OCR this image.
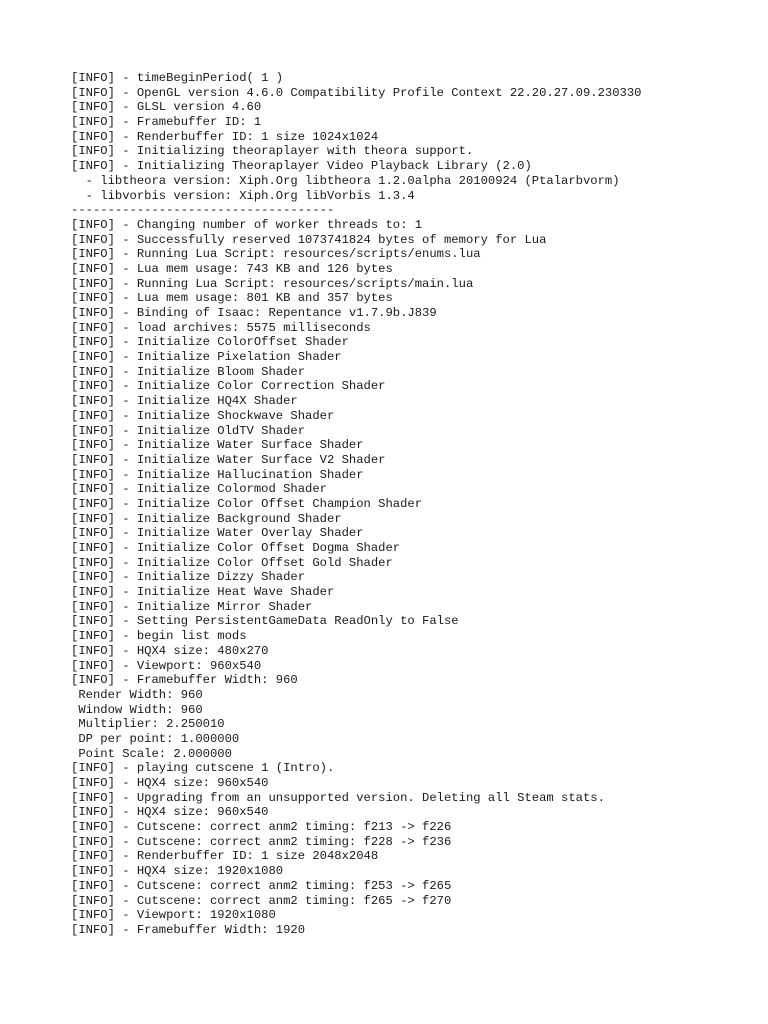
[INFO] - timeBeginPeriod( 1 )
[INFO] - OpenGL version 4.6.0 Compatibility Profile Context 22.20.27.09.230330
[INFO] - GLSL version 4.60
[INFO] - Framebuffer ID: 1
[INFO] - Renderbuffer ID: 1 size 1024x1024
[INFO] - Initializing theoraplayer with theora support.
[INFO] - Initializing Theoraplayer Video Playback Library (2.0)
- libtheora version: Xiph.Org libtheora 1.2.0alpha 20100924 (Ptalarbvorm)
- libvorbis version: Xiph.Org libVorbis 1.3.4
------------------------------------
[INFO] - Changing number of worker threads to: 1
[INFO] - Successfully reserved 1073741824 bytes of memory for Lua
[INFO] - Running Lua Script: resources/scripts/enums.lua
[INFO] - Lua mem usage: 743 KB and 126 bytes
[INFO] - Running Lua Script: resources/scripts/main.lua
[INFO] - Lua mem usage: 801 KB and 357 bytes
[INFO] - Binding of Isaac: Repentance v1.7.9b.J839
[INFO] - load archives: 5575 milliseconds
[INFO] - Initialize ColorOffset Shader
[INFO] - Initialize Pixelation Shader
[INFO] - Initialize Bloom Shader
[INFO] - Initialize Color Correction Shader
[INFO] - Initialize HQ4X Shader
[INFO] - Initialize Shockwave Shader
[INFO] - Initialize OldTV Shader
[INFO] - Initialize Water Surface Shader
[INFO] - Initialize Water Surface V2 Shader
[INFO] - Initialize Hallucination Shader
[INFO] - Initialize Colormod Shader
[INFO] - Initialize Color Offset Champion Shader
[INFO] - Initialize Background Shader
[INFO] - Initialize Water Overlay Shader
[INFO] - Initialize Color Offset Dogma Shader
[INFO] - Initialize Color Offset Gold Shader
[INFO] - Initialize Dizzy Shader
[INFO] - Initialize Heat Wave Shader
[INFO] - Initialize Mirror Shader
[INFO] - Setting PersistentGameData ReadOnly to False
[INFO] - begin list mods
[INFO] - HQX4 size: 480x270
[INFO] - Viewport: 960x540
[INFO] - Framebuffer Width: 960
Render Width: 960
Window Width: 960
Multiplier: 2.250010
DP per point: 1.000000
Point Scale: 2.000000
[INFO] - playing cutscene 1 (Intro).
[INFO] - HQX4 size: 960x540
[INFO] - Upgrading from an unsupported version. Deleting all Steam stats.
[INFO] - HQX4 size: 960x540
[INFO] - Cutscene: correct anm2 timing: f213 -> f226
[INFO] - Cutscene: correct anm2 timing: f228 -> f236
[INFO] - Renderbuffer ID: 1 size 2048x2048
[INFO] - HQX4 size: 1920x1080
[INFO] - Cutscene: correct anm2 timing: f253 -> f265
[INFO] - Cutscene: correct anm2 timing: f265 -> f270
[INFO] - Viewport: 1920x1080
[INFO] - Framebuffer Width: 1920
